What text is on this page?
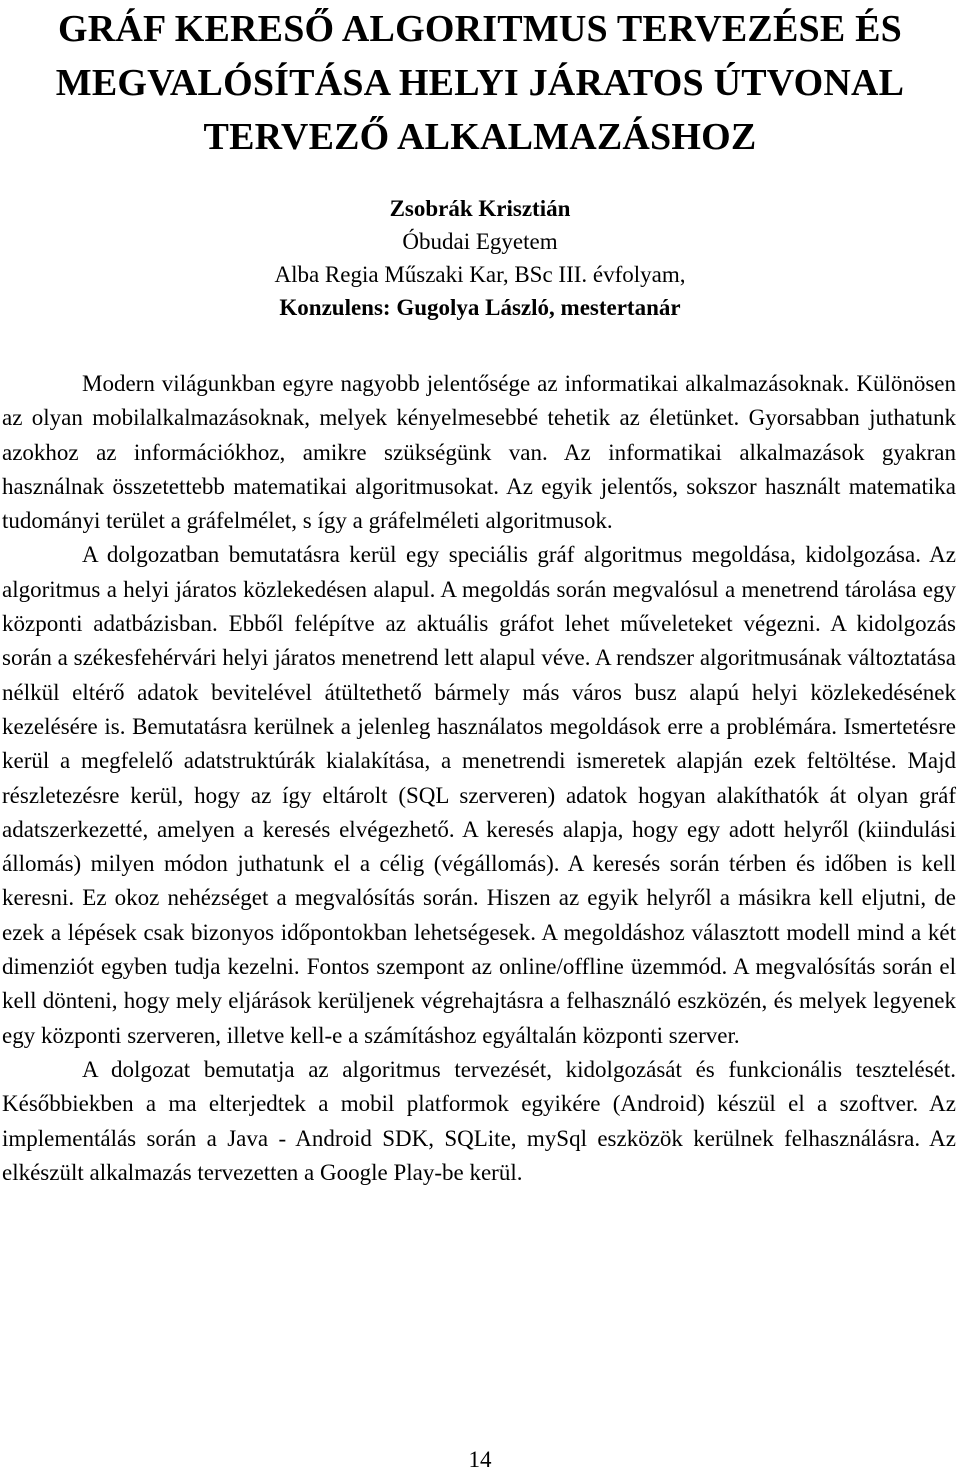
GRÁF KERESŐ ALGORITMUS TERVEZÉSE ÉS
MEGVALÓSÍTÁSA HELYI JÁRATOS ÚTVONAL
TERVEZŐ ALKALMAZÁSHOZ
Zsobrák Krisztián
Óbudai Egyetem
Alba Regia Műszaki Kar, BSc III. évfolyam,
Konzulens: Gugolya László, mestertanár

Modern világunkban egyre nagyobb jelentősége az informatikai alkalmazásoknak. Különösen az olyan mobilalkalmazásoknak, melyek kényelmesebbé tehetik az életünket. Gyorsabban juthatunk azokhoz az információkhoz, amikre szükségünk van. Az informatikai alkalmazások gyakran használnak összetettebb matematikai algoritmusokat. Az egyik jelentős, sokszor használt matematika tudományi terület a gráfelmélet, s így a gráfelméleti algoritmusok.

A dolgozatban bemutatásra kerül egy speciális gráf algoritmus megoldása, kidolgozása. Az algoritmus a helyi járatos közlekedésen alapul. A megoldás során megvalósul a menetrend tárolása egy központi adatbázisban. Ebből felépítve az aktuális gráfot lehet műveleteket végezni. A kidolgozás során a székesfehérvári helyi járatos menetrend lett alapul véve. A rendszer algoritmusának változtatása nélkül eltérő adatok bevitelével átültethető bármely más város busz alapú helyi közlekedésének kezelésére is. Bemutatásra kerülnek a jelenleg használatos megoldások erre a problémára. Ismertetésre kerül a megfelelő adatstruktúrák kialakítása, a menetrendi ismeretek alapján ezek feltöltése. Majd részletezésre kerül, hogy az így eltárolt (SQL szerveren) adatok hogyan alakíthatók át olyan gráf adatszerkezetté, amelyen a keresés elvégezhető. A keresés alapja, hogy egy adott helyről (kiindulási állomás) milyen módon juthatunk el a célig (végállomás). A keresés során térben és időben is kell keresni. Ez okoz nehézséget a megvalósítás során. Hiszen az egyik helyről a másikra kell eljutni, de ezek a lépések csak bizonyos időpontokban lehetségesek. A megoldáshoz választott modell mind a két dimenziót egyben tudja kezelni. Fontos szempont az online/offline üzemmód. A megvalósítás során el kell dönteni, hogy mely eljárások kerüljenek végrehajtásra a felhasználó eszközén, és melyek legyenek egy központi szerveren, illetve kell-e a számításhoz egyáltalán központi szerver.

A dolgozat bemutatja az algoritmus tervezését, kidolgozását és funkcionális tesztelését. Későbbiekben a ma elterjedtek a mobil platformok egyikére (Android) készül el a szoftver. Az implementálás során a Java - Android SDK, SQLite, mySql eszközök kerülnek felhasználásra. Az elkészült alkalmazás tervezetten a Google Play-be kerül.

14
